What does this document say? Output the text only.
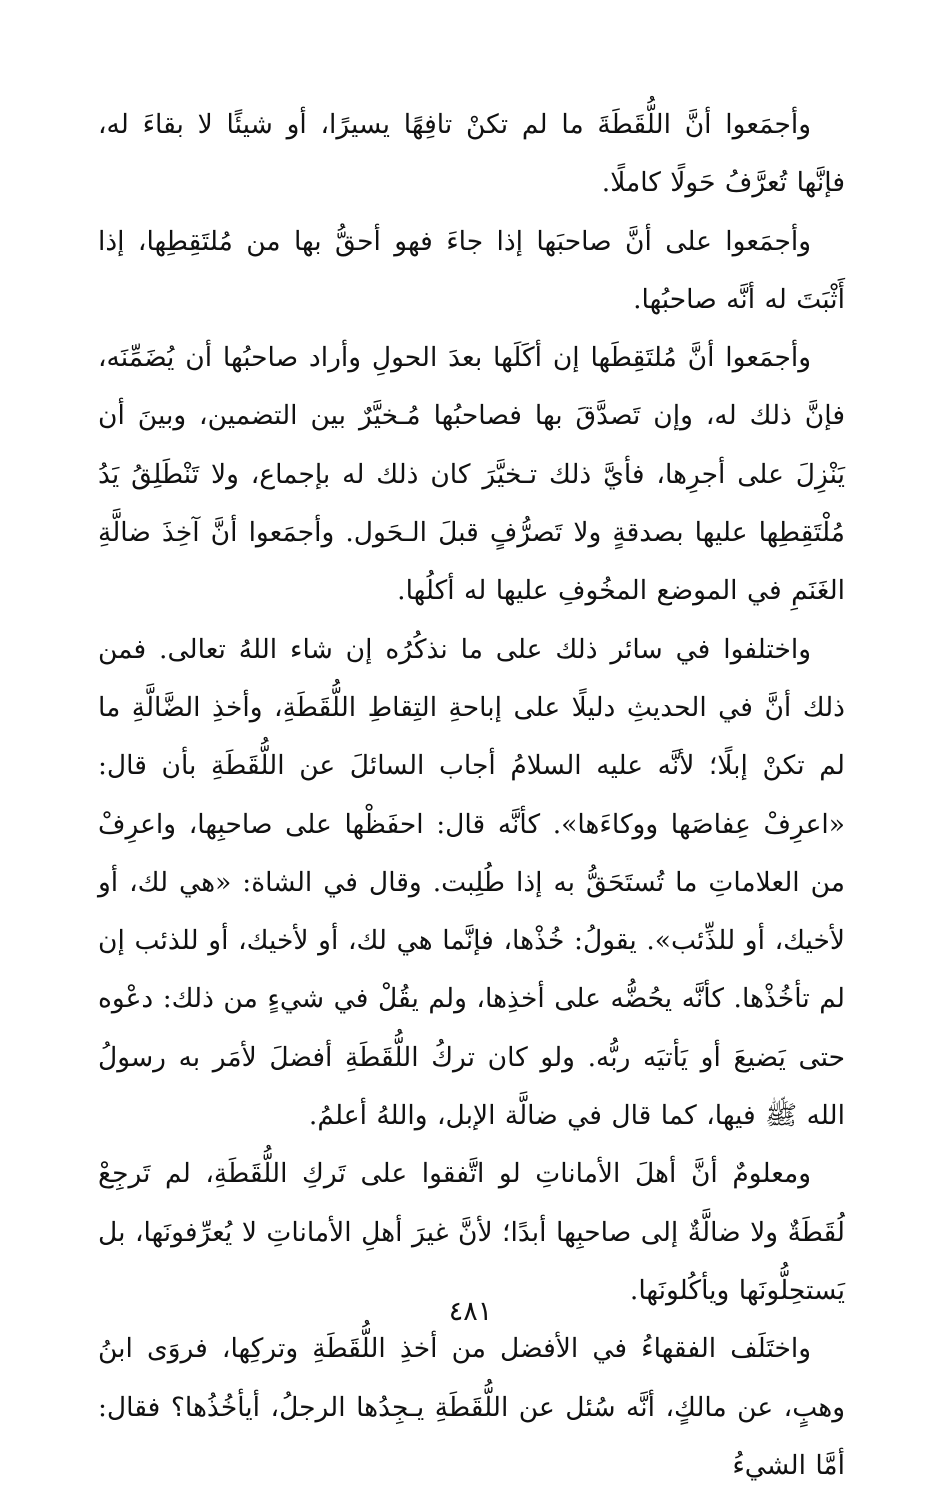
وأجمَعوا أنَّ اللُّقَطَةَ ما لم تكنْ تافِهًا يسيرًا، أو شيئًا لا بقاءَ له، فإنَّها تُعرَّفُ حَولًا كاملًا.

وأجمَعوا على أنَّ صاحبَها إذا جاءَ فهو أحقُّ بها من مُلتَقِطِها، إذا أَثْبَتَ له أنَّه صاحبُها.

وأجمَعوا أنَّ مُلتَقِطَها إن أكَلَها بعدَ الحولِ وأراد صاحبُها أن يُضَمِّنَه، فإنَّ ذلك له، وإن تَصدَّقَ بها فصاحبُها مُـخيَّرٌ بين التضمين، وبينَ أن يَنْزِلَ على أجرِها، فأيَّ ذلك تـخيَّرَ كان ذلك له بإجماع، ولا تَنْطَلِقُ يَدُ مُلْتَقِطِها عليها بصدقةٍ ولا تَصرُّفٍ قبلَ الـحَول. وأجمَعوا أنَّ آخِذَ ضالَّةِ الغَنَمِ في الموضع المخُوفِ عليها له أكلُها.

واختلفوا في سائر ذلك على ما نذكُرُه إن شاء اللهُ تعالى. فمن ذلك أنَّ في الحديثِ دليلًا على إباحةِ التِقاطِ اللُّقَطَةِ، وأخذِ الضَّالَّةِ ما لم تكنْ إبلًا؛ لأنَّه عليه السلامُ أجاب السائلَ عن اللُّقَطَةِ بأن قال: «اعرِفْ عِفاصَها ووكاءَها». كأنَّه قال: احفَظْها على صاحبِها، واعرِفْ من العلاماتِ ما تُستَحَقُّ به إذا طُلِبت. وقال في الشاة: «هي لك، أو لأخيك، أو للذِّئب». يقولُ: خُذْها، فإنَّما هي لك، أو لأخيك، أو للذئب إن لم تأخُذْها. كأنَّه يحُضُّه على أخذِها، ولم يقُلْ في شيءٍ من ذلك: دعْوه حتى يَضيعَ أو يَأتيَه ربُّه. ولو كان تركُ اللُّقَطَةِ أفضلَ لأمَر به رسولُ الله ﷺ فيها، كما قال في ضالَّة الإبل، واللهُ أعلمُ.

ومعلومٌ أنَّ أهلَ الأماناتِ لو اتَّفقوا على تَركِ اللُّقَطَةِ، لم تَرجِعْ لُقَطَةٌ ولا ضالَّةٌ إلى صاحبِها أبدًا؛ لأنَّ غيرَ أهلِ الأماناتِ لا يُعرِّفونَها، بل يَستحِلُّونَها ويأكُلونَها.

واختَلَف الفقهاءُ في الأفضل من أخذِ اللُّقَطَةِ وتركِها، فروَى ابنُ وهبٍ، عن مالكٍ، أنَّه سُئل عن اللُّقَطَةِ يـجِدُها الرجلُ، أيأخُذُها؟ فقال: أمَّا الشيءُ

٤٨١
